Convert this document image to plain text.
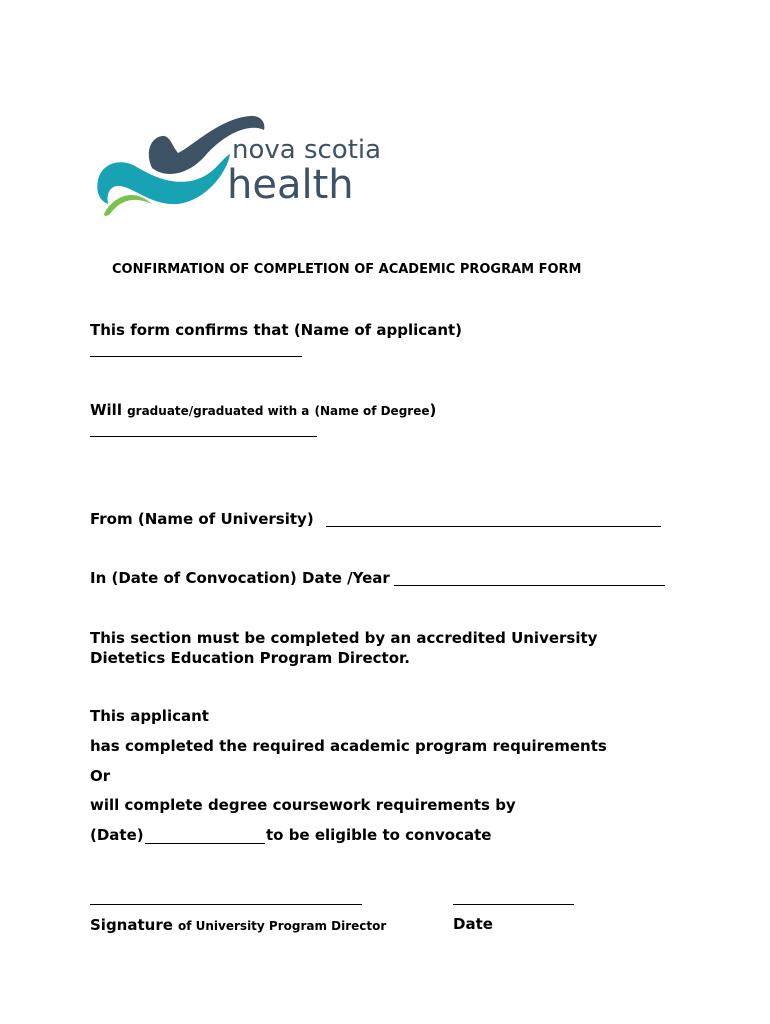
nova scotia
health
CONFIRMATION OF COMPLETION OF ACADEMIC PROGRAM FORM
This form confirms that (Name of applicant)
Will graduate/graduated with a (Name of Degree)
From (Name of University)
In (Date of Convocation) Date /Year
This section must be completed by an accredited University
Dietetics Education Program Director.
This applicant
has completed the required academic program requirements
Or
will complete degree coursework requirements by
(Date)	to be eligible to convocate
Signature of University Program Director	Date
